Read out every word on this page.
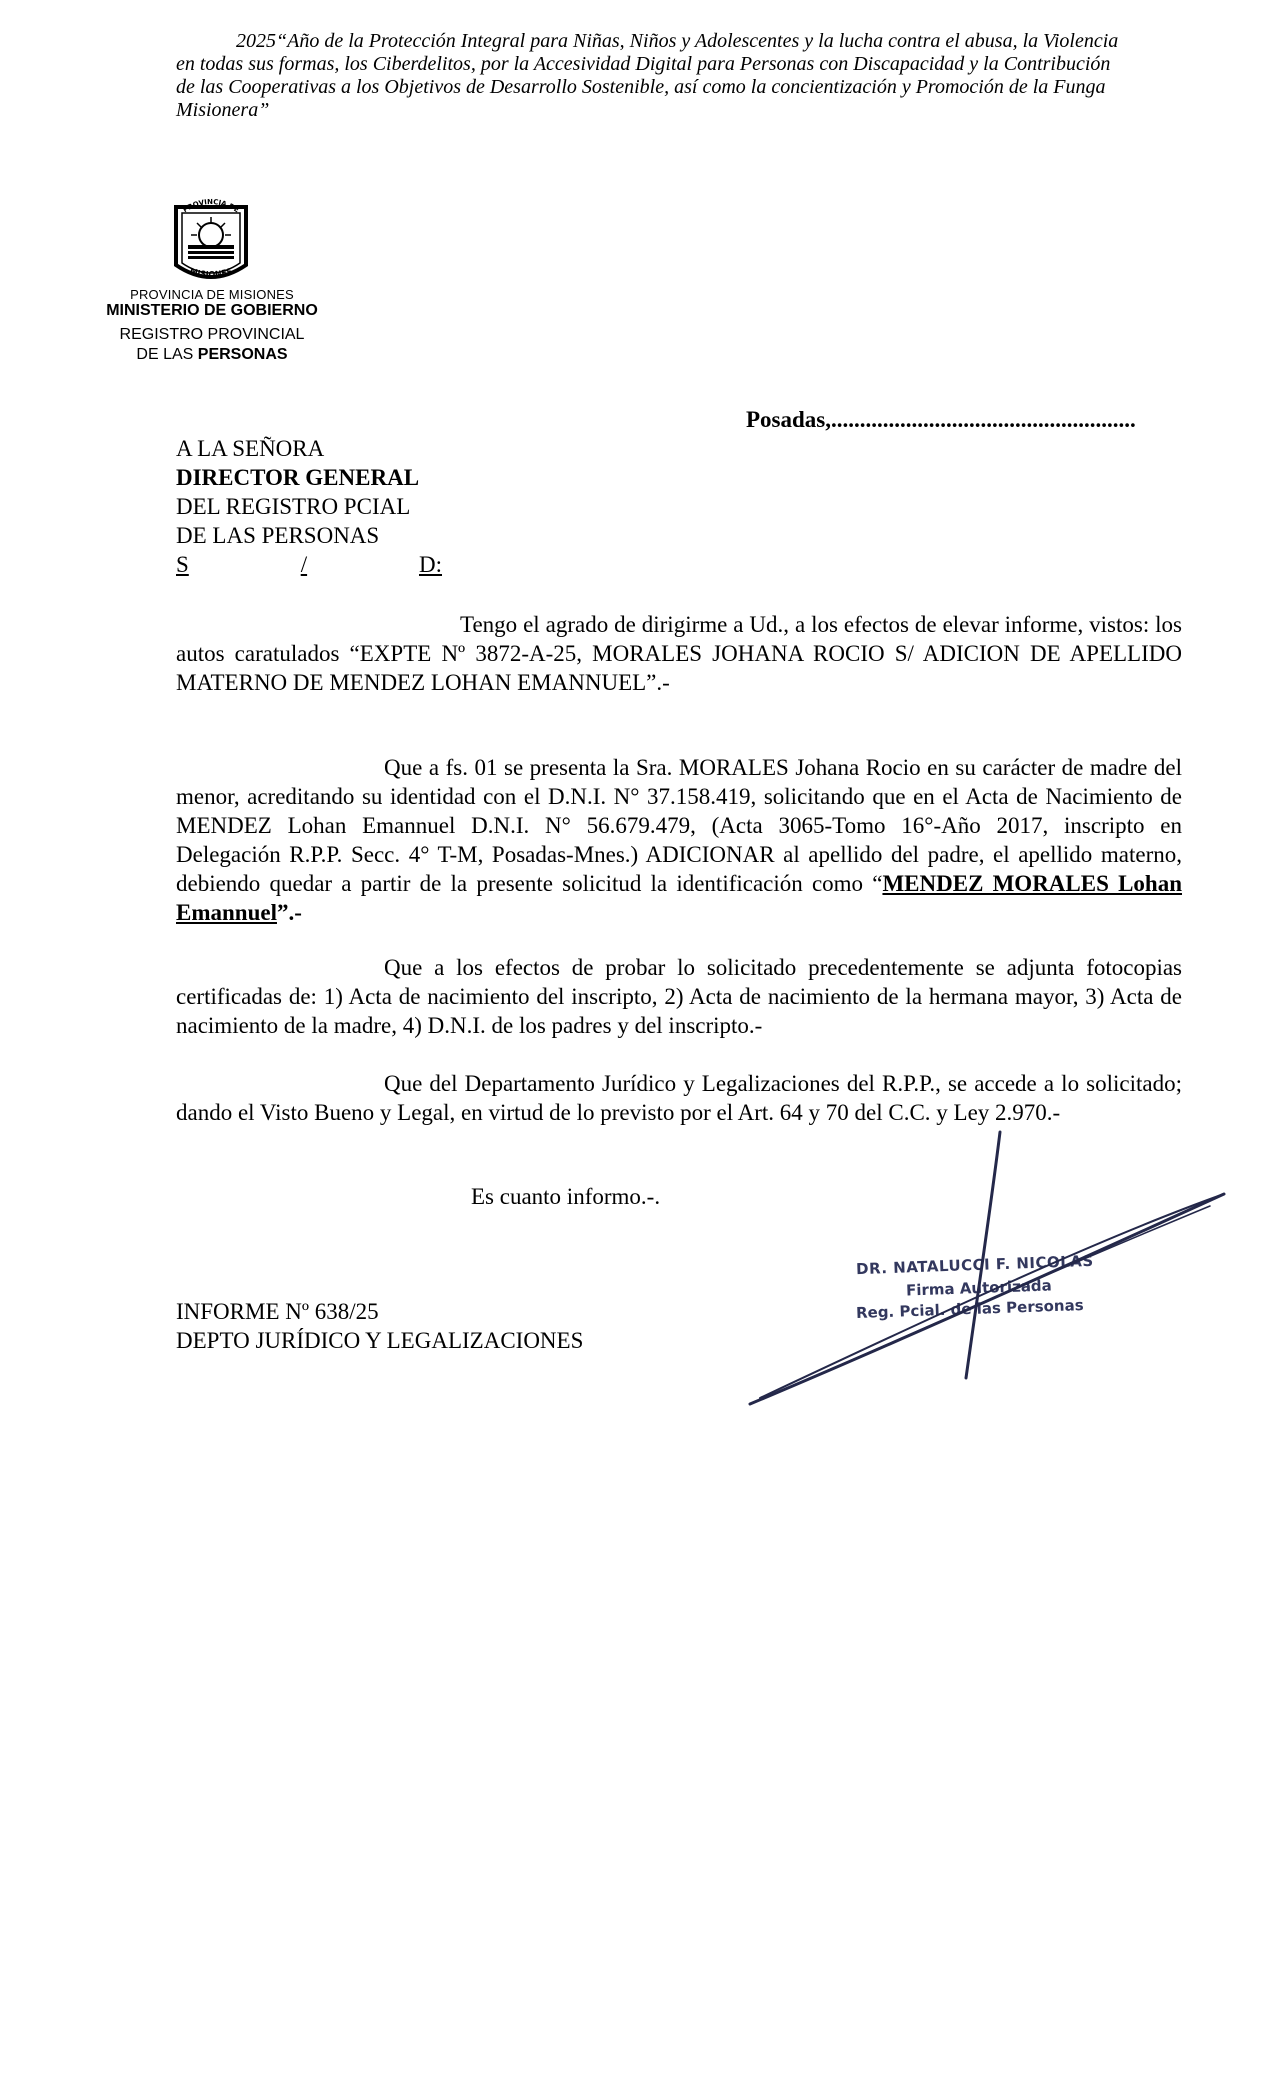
2025“Año de la Protección Integral para Niñas, Niños y Adolescentes y la lucha contra el abusa, la Violencia
en todas sus formas, los Ciberdelitos, por la Accesividad Digital para Personas con Discapacidad y la Contribución
de las Cooperativas a los Objetivos de Desarrollo Sostenible, así como la concientización y Promoción de la Funga
Misionera”
PROVINCIA DE
MISIONES
PROVINCIA DE MISIONES
MINISTERIO DE GOBIERNO
REGISTRO PROVINCIAL
DE LAS PERSONAS
Posadas,.....................................................
A LA SEÑORA
DIRECTOR GENERAL
DEL REGISTRO PCIAL
DE LAS PERSONAS
S	/	D:
Tengo el agrado de dirigirme a Ud., a los efectos de elevar informe, vistos: los autos caratulados “EXPTE Nº 3872-A-25, MORALES JOHANA ROCIO S/ ADICION DE APELLIDO MATERNO DE MENDEZ LOHAN EMANNUEL”.-
Que a fs. 01 se presenta la Sra. MORALES Johana Rocio en su carácter de madre del menor, acreditando su identidad con el D.N.I. N° 37.158.419, solicitando que en el Acta de Nacimiento de MENDEZ Lohan Emannuel D.N.I. N° 56.679.479, (Acta 3065-Tomo 16°-Año 2017, inscripto en Delegación R.P.P. Secc. 4° T-M, Posadas-Mnes.) ADICIONAR al apellido del padre, el apellido materno, debiendo quedar a partir de la presente solicitud la identificación como “MENDEZ MORALES Lohan Emannuel”.-
Que a los efectos de probar lo solicitado precedentemente se adjunta fotocopias certificadas de: 1) Acta de nacimiento del inscripto, 2) Acta de nacimiento de la hermana mayor, 3) Acta de nacimiento de la madre, 4) D.N.I. de los padres y del inscripto.-
Que del Departamento Jurídico y Legalizaciones del R.P.P., se accede a lo solicitado; dando el Visto Bueno y Legal, en virtud de lo previsto por el Art. 64 y 70 del C.C. y Ley 2.970.-
Es cuanto informo.-.
INFORME Nº 638/25
DEPTO JURÍDICO Y LEGALIZACIONES
DR. NATALUCCI F. NICOLAS
Firma Autorizada
Reg. Pcial. de las Personas
